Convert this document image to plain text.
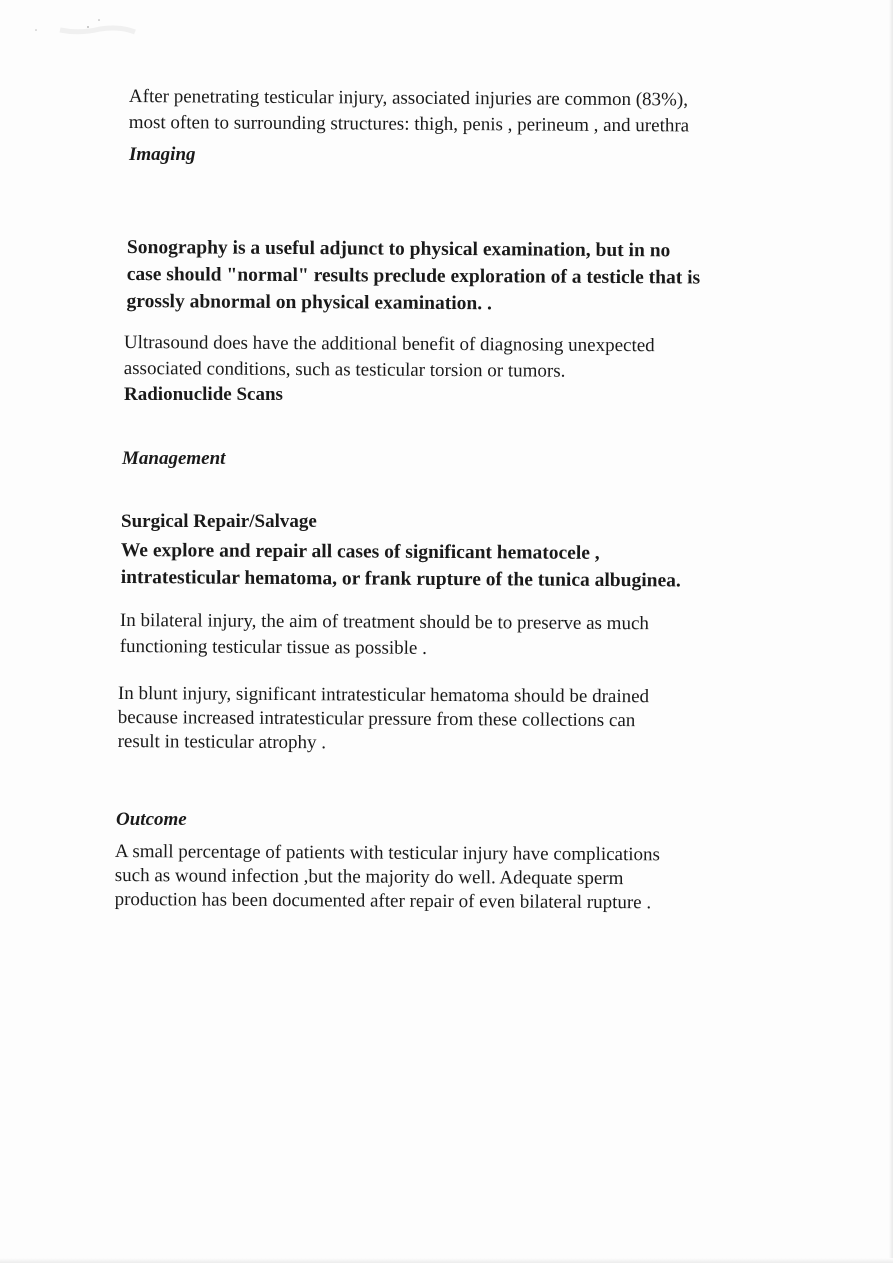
After penetrating testicular injury, associated injuries are common (83%),
most often to surrounding structures: thigh, penis , perineum , and urethra

Imaging

Sonography is a useful adjunct to physical examination, but in no
case should "normal" results preclude exploration of a testicle that is
grossly abnormal on physical examination. .

Ultrasound does have the additional benefit of diagnosing unexpected
associated conditions, such as testicular torsion or tumors.

Radionuclide Scans

Management

Surgical Repair/Salvage

We explore and repair all cases of significant hematocele ,
intratesticular hematoma, or frank rupture of the tunica albuginea.

In bilateral injury, the aim of treatment should be to preserve as much
functioning testicular tissue as possible .

In blunt injury, significant intratesticular hematoma should be drained
because increased intratesticular pressure from these collections can
result in testicular atrophy .

Outcome

A small percentage of patients with testicular injury have complications
such as wound infection ,but the majority do well. Adequate sperm
production has been documented after repair of even bilateral rupture .
